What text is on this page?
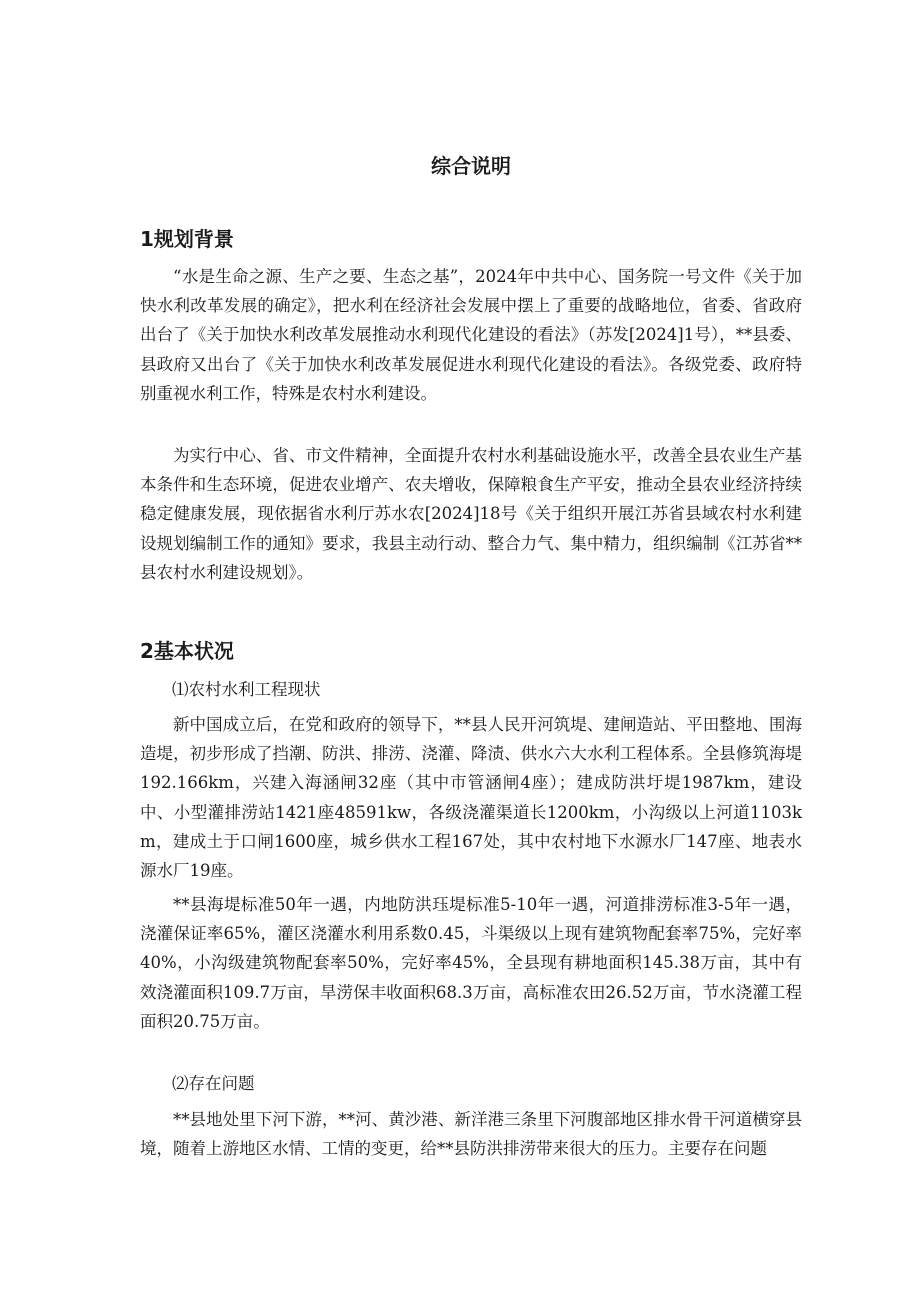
综合说明
1规划背景

“水是生命之源、生产之要、生态之基”，2024年中共中心、国务院一号文件《关于加快水利改革发展的确定》，把水利在经济社会发展中摆上了重要的战略地位，省委、省政府出台了《关于加快水利改革发展推动水利现代化建设的看法》（苏发[2024]1号），**县委、县政府又出台了《关于加快水利改革发展促进水利现代化建设的看法》。各级党委、政府特别重视水利工作，特殊是农村水利建设。

为实行中心、省、市文件精神，全面提升农村水利基础设施水平，改善全县农业生产基本条件和生态环境，促进农业增产、农夫增收，保障粮食生产平安，推动全县农业经济持续稳定健康发展，现依据省水利厅苏水农[2024]18号《关于组织开展江苏省县域农村水利建设规划编制工作的通知》要求，我县主动行动、整合力气、集中精力，组织编制《江苏省**县农村水利建设规划》。

2基本状况

⑴农村水利工程现状

新中国成立后，在党和政府的领导下，**县人民开河筑堤、建闸造站、平田整地、围海造堤，初步形成了挡潮、防洪、排涝、浇灌、降渍、供水六大水利工程体系。全县修筑海堤192.166km，兴建入海涵闸32座（其中市管涵闸4座）；建成防洪圩堤1987km，建设中、小型灌排涝站1421座48591kw，各级浇灌渠道长1200km，小沟级以上河道1103km，建成土于口闸1600座，城乡供水工程167处，其中农村地下水源水厂147座、地表水源水厂19座。

**县海堤标准50年一遇，内地防洪珏堤标准5-10年一遇，河道排涝标准3-5年一遇，浇灌保证率65%，灌区浇灌水利用系数0.45，斗渠级以上现有建筑物配套率75%，完好率40%，小沟级建筑物配套率50%，完好率45%，全县现有耕地面积145.38万亩，其中有效浇灌面积109.7万亩，旱涝保丰收面积68.3万亩，高标准农田26.52万亩，节水浇灌工程面积20.75万亩。

⑵存在问题

**县地处里下河下游，**河、黄沙港、新洋港三条里下河腹部地区排水骨干河道横穿县境，随着上游地区水情、工情的变更，给**县防洪排涝带来很大的压力。主要存在问题
